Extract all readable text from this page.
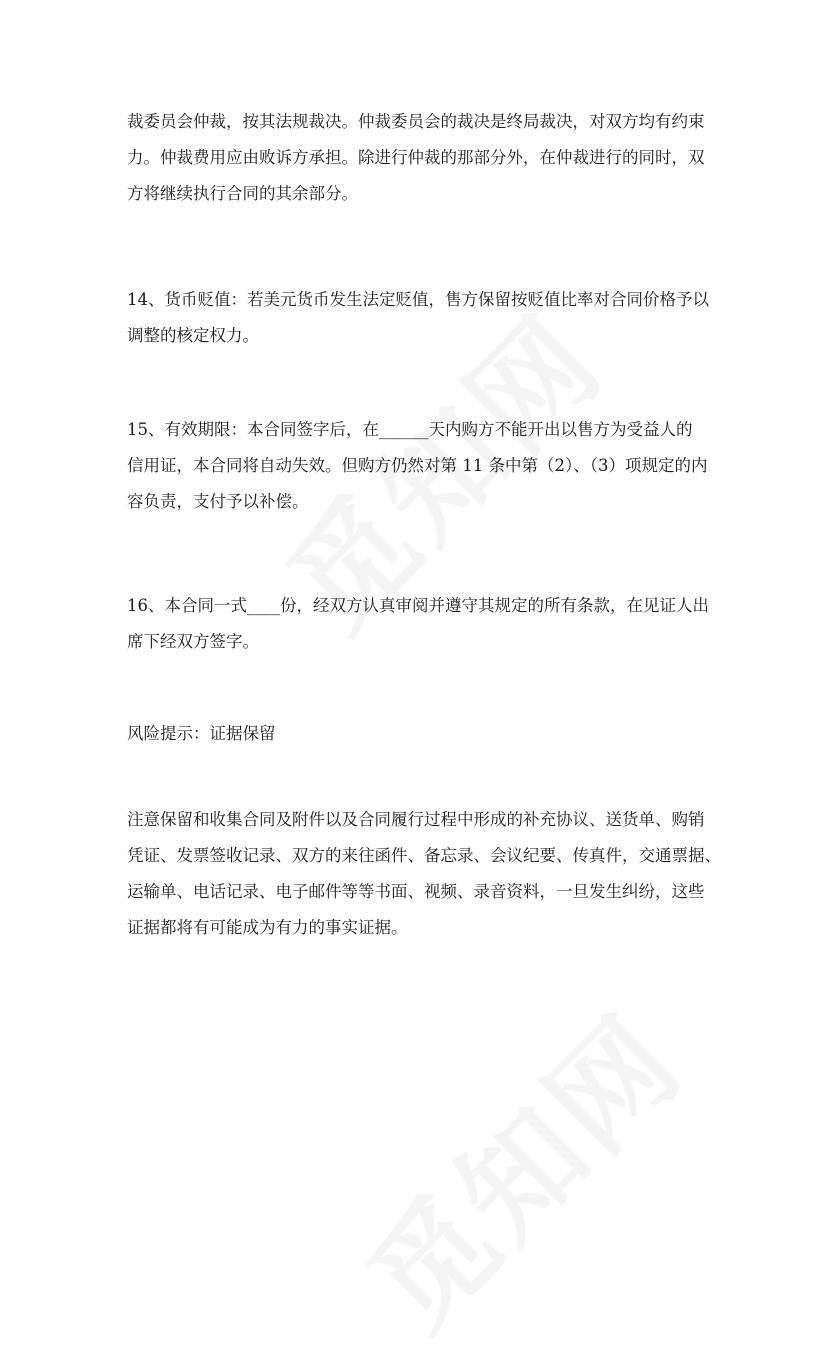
裁委员会仲裁，按其法规裁决。仲裁委员会的裁决是终局裁决，对双方均有约束
力。仲裁费用应由败诉方承担。除进行仲裁的那部分外，在仲裁进行的同时，双
方将继续执行合同的其余部分。

14、货币贬值：若美元货币发生法定贬值，售方保留按贬值比率对合同价格予以
调整的核定权力。

15、有效期限：本合同签字后，在______天内购方不能开出以售方为受益人的
信用证，本合同将自动失效。但购方仍然对第 11 条中第（2）、（3）项规定的内
容负责，支付予以补偿。

16、本合同一式____份，经双方认真审阅并遵守其规定的所有条款，在见证人出
席下经双方签字。

风险提示：证据保留

注意保留和收集合同及附件以及合同履行过程中形成的补充协议、送货单、购销
凭证、发票签收记录、双方的来往函件、备忘录、会议纪要、传真件，交通票据、
运输单、电话记录、电子邮件等等书面、视频、录音资料，一旦发生纠纷，这些
证据都将有可能成为有力的事实证据。
